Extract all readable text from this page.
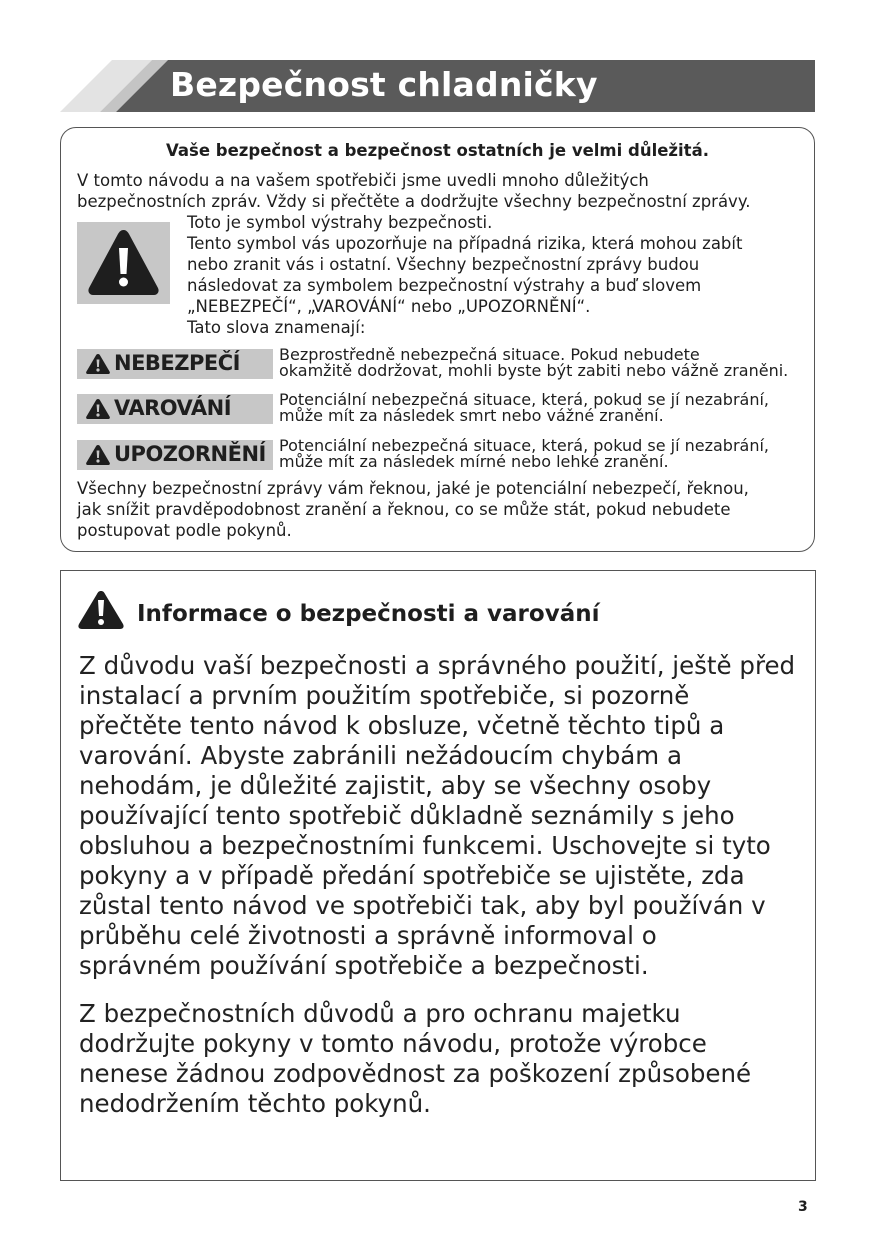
Bezpečnost chladničky
Vaše bezpečnost a bezpečnost ostatních je velmi důležitá.
V tomto návodu a na vašem spotřebiči jsme uvedli mnoho důležitých
bezpečnostních zpráv. Vždy si přečtěte a dodržujte všechny bezpečnostní zprávy.
Toto je symbol výstrahy bezpečnosti.
Tento symbol vás upozorňuje na případná rizika, která mohou zabít
nebo zranit vás i ostatní. Všechny bezpečnostní zprávy budou
následovat za symbolem bezpečnostní výstrahy a buď slovem
„NEBEZPEČÍ“, „VAROVÁNÍ“ nebo „UPOZORNĚNÍ“.
Tato slova znamenají:
NEBEZPEČÍ Bezprostředně nebezpečná situace. Pokud nebudete
okamžitě dodržovat, mohli byste být zabiti nebo vážně zraněni.
VAROVÁNÍ	Potenciální nebezpečná situace, která, pokud se jí nezabrání,
může mít za následek smrt nebo vážné zranění.
UPOZORNĚNÍ Potenciální nebezpečná situace, která, pokud se jí nezabrání,
může mít za následek mírné nebo lehké zranění.
Všechny bezpečnostní zprávy vám řeknou, jaké je potenciální nebezpečí, řeknou,
jak snížit pravděpodobnost zranění a řeknou, co se může stát, pokud nebudete
postupovat podle pokynů.
Informace o bezpečnosti a varování
Z důvodu vaší bezpečnosti a správného použití, ještě před
instalací a prvním použitím spotřebiče, si pozorně
přečtěte tento návod k obsluze, včetně těchto tipů a
varování. Abyste zabránili nežádoucím chybám a
nehodám, je důležité zajistit, aby se všechny osoby
používající tento spotřebič důkladně seznámily s jeho
obsluhou a bezpečnostními funkcemi. Uschovejte si tyto
pokyny a v případě předání spotřebiče se ujistěte, zda
zůstal tento návod ve spotřebiči tak, aby byl používán v
průběhu celé životnosti a správně informoval o
správném používání spotřebiče a bezpečnosti.
Z bezpečnostních důvodů a pro ochranu majetku
dodržujte pokyny v tomto návodu, protože výrobce
nenese žádnou zodpovědnost za poškození způsobené
nedodržením těchto pokynů.
3
